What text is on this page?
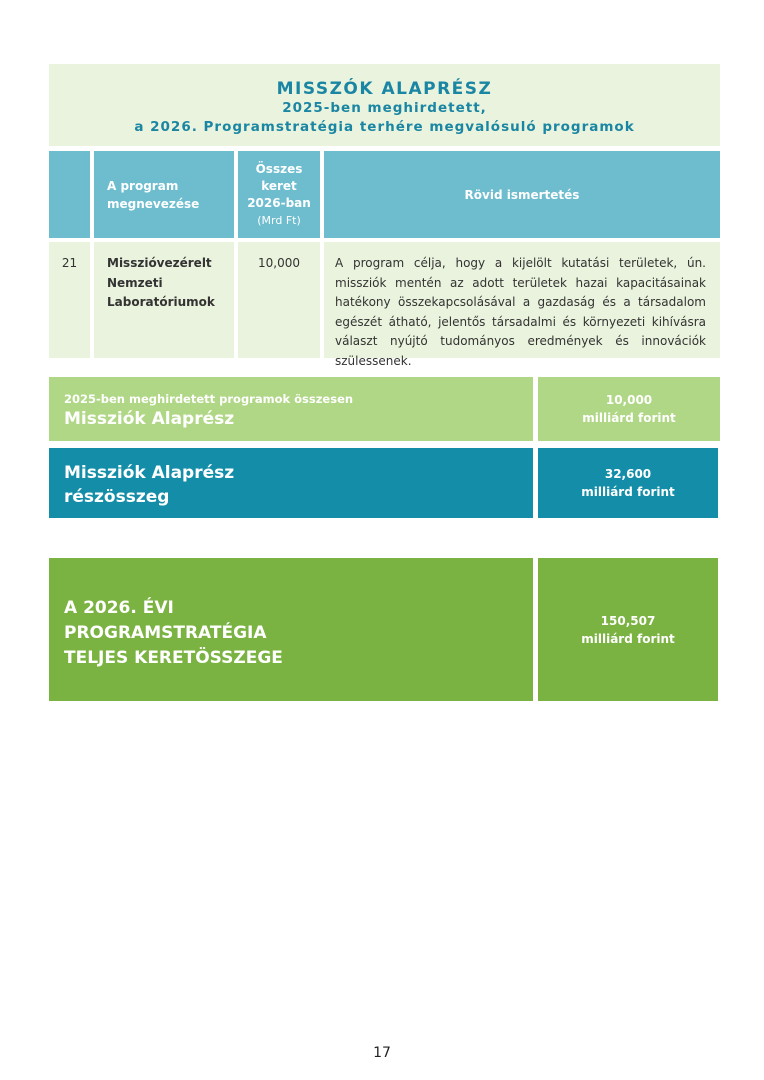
MISSZÓK ALAPRÉSZ
2025-ben meghirdetett,
a 2026. Programstratégia terhére megvalósuló programok
A program
megnevezése
Összes
keret
2026-ban
(Mrd Ft)
Rövid ismertetés
21	Misszióvezérelt
Nemzeti
Laboratóriumok
10,000	A program célja, hogy a kijelölt kutatási területek, ún. missziók mentén az adott területek hazai kapacitásainak hatékony összekapcsolásával a gazdaság és a társadalom egészét átható, jelentős társadalmi és környezeti kihívásra választ nyújtó tudományos eredmények és innovációk szülessenek.
2025-ben meghirdetett programok összesen
Missziók Alaprész
10,000
milliárd forint
Missziók Alaprész
részösszeg
32,600
milliárd forint
A 2026. ÉVI
PROGRAMSTRATÉGIA
TELJES KERETÖSSZEGE
150,507
milliárd forint
17
